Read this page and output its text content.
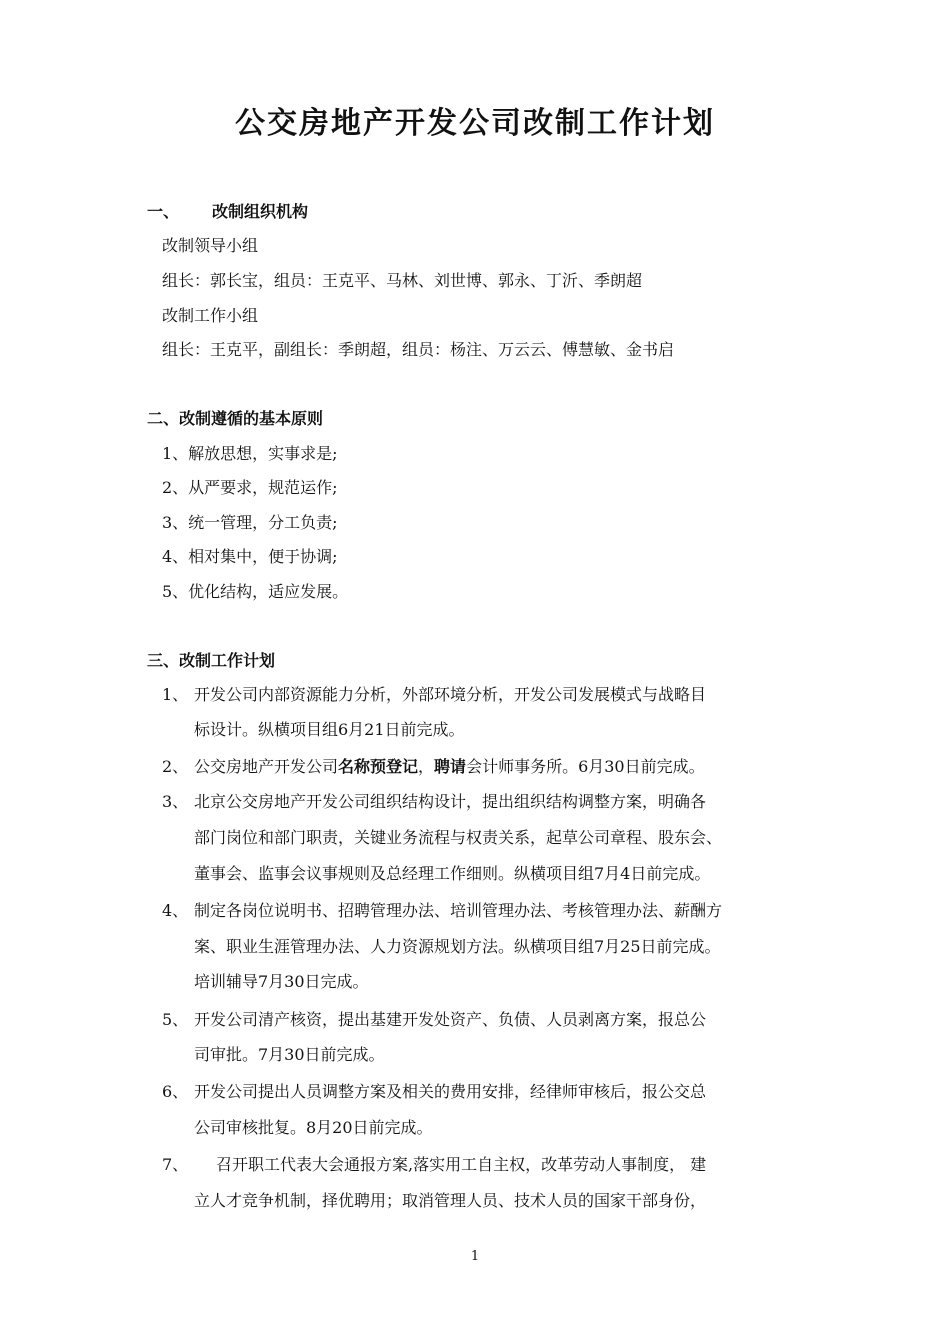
公交房地产开发公司改制工作计划
一、 改制组织机构
改制领导小组
组长：郭长宝，组员：王克平、马林、刘世博、郭永、丁沂、季朗超
改制工作小组
组长：王克平，副组长：季朗超，组员：杨注、万云云、傅慧敏、金书启
二、改制遵循的基本原则
1、解放思想，实事求是;
2、从严要求，规范运作;
3、统一管理，分工负责;
4、相对集中，便于协调;
5、优化结构，适应发展。
三、改制工作计划
1、 开发公司内部资源能力分析，外部环境分析，开发公司发展模式与战略目
标设计。纵横项目组6月21日前完成。
2、 公交房地产开发公司名称预登记，聘请会计师事务所。6月30日前完成。
3、 北京公交房地产开发公司组织结构设计，提出组织结构调整方案，明确各
部门岗位和部门职责，关键业务流程与权责关系，起草公司章程、股东会、
董事会、监事会议事规则及总经理工作细则。纵横项目组7月4日前完成。
4、 制定各岗位说明书、招聘管理办法、培训管理办法、考核管理办法、薪酬方
案、职业生涯管理办法、人力资源规划方法。纵横项目组7月25日前完成。
培训辅导7月30日完成。
5、 开发公司清产核资，提出基建开发处资产、负债、人员剥离方案，报总公
司审批。7月30日前完成。
6、 开发公司提出人员调整方案及相关的费用安排，经律师审核后，报公交总
公司审核批复。8月20日前完成。
7、 召开职工代表大会通报方案,落实用工自主权，改革劳动人事制度， 建
立人才竞争机制，择优聘用；取消管理人员、技术人员的国家干部身份，
1
